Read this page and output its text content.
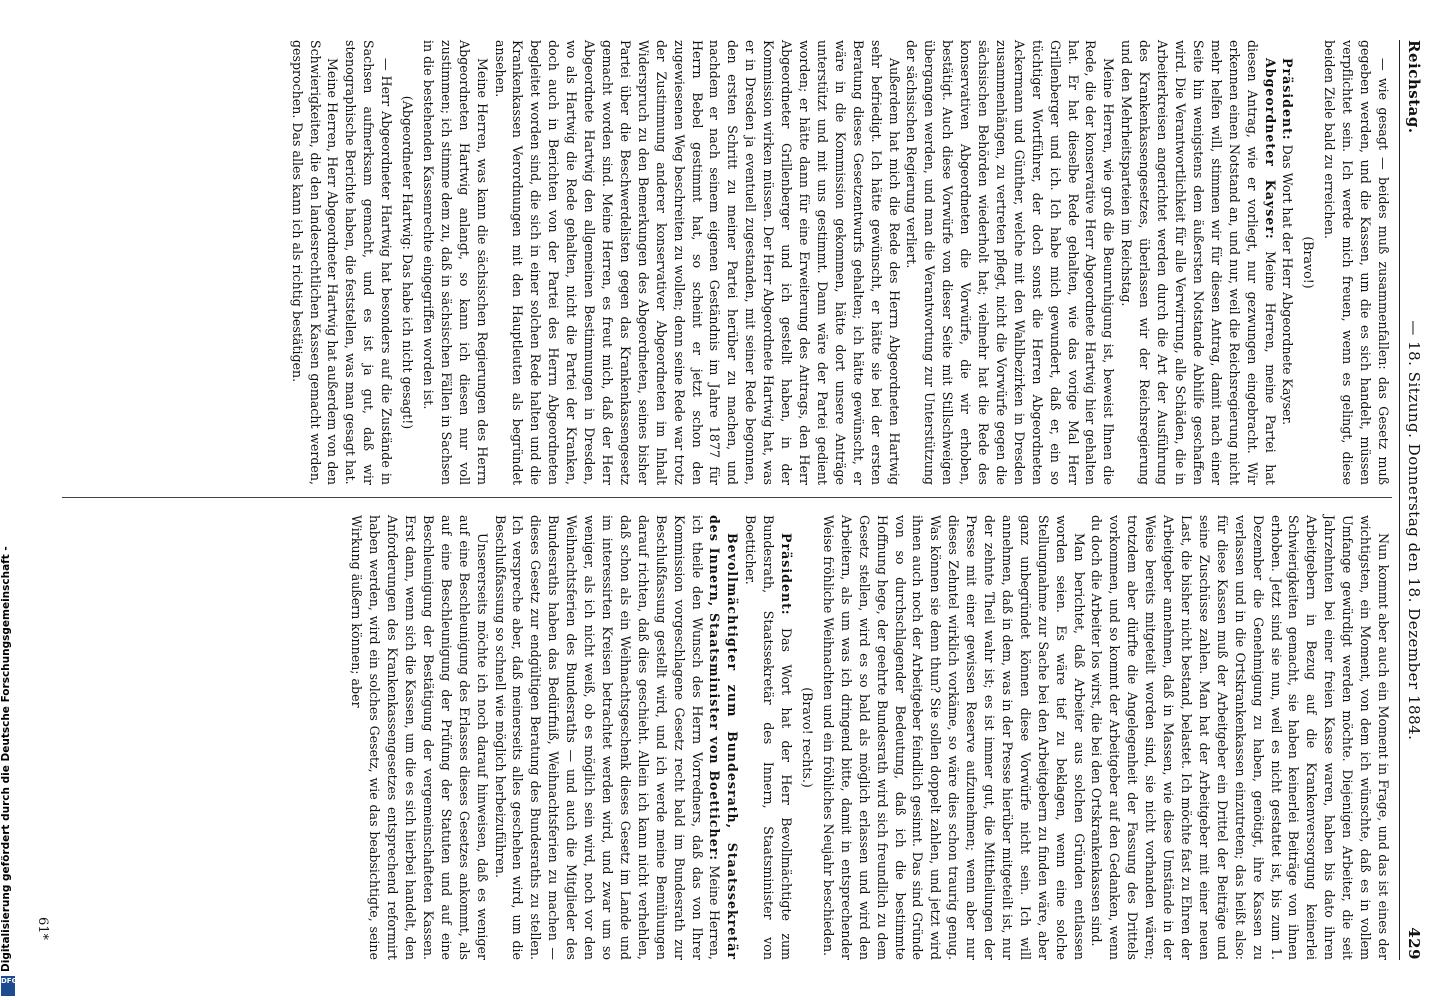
Digitalisierung gefördert durch die Deutsche Forschungsgemeinschaft -
DFG
Reichstag.
— 18. Sitzung. Donnerstag den 18. Dezember 1884.
429

— wie gesagt — beides muß zusammenfallen: das Gesetz muß gegeben werden, und die Kassen, um die es sich handelt, müssen verpflichtet sein. Ich werde mich freuen, wenn es gelingt, diese beiden Ziele bald zu erreichen.

(Bravo!)

Präsident: Das Wort hat der Herr Abgeordnete Kayser.

Abgeordneter Kayser: Meine Herren, meine Partei hat diesen Antrag, wie er vorliegt, nur gezwungen eingebracht. Wir erkennen einen Notstand an, und nur, weil die Reichsregierung nicht mehr helfen will, stimmen wir für diesen Antrag, damit nach einer Seite hin wenigstens dem äußersten Notstande Abhilfe geschaffen wird. Die Verantwortlichkeit für alle Verwirrung, alle Schäden, die in Arbeiterkreisen angerichtet werden durch die Art der Ausführung des Krankenkassengesetzes, überlassen wir der Reichsregierung und den Mehrheitsparteien im Reichstag.

Meine Herren, wie groß die Beunruhigung ist, beweist Ihnen die Rede, die der konservative Herr Abgeordnete Hartwig hier gehalten hat. Er hat dieselbe Rede gehalten, wie das vorige Mal Herr Grillenberger und ich. Ich habe mich gewundert, daß er, ein so tüchtiger Wortführer, der doch sonst die Herren Abgeordneten Ackermann und Günther, welche mit den Wahlbezirken in Dresden zusammenhängen, zu vertreten pflegt, nicht die Vorwürfe gegen die sächsischen Behörden wiederholt hat; vielmehr hat die Rede des konservativen Abgeordneten die Vorwürfe, die wir erhoben, bestätigt. Auch diese Vorwürfe von dieser Seite mit Stillschweigen übergangen werden, und man die Verantwortung zur Unterstützung der sächsischen Regierung verliert.

Außerdem hat mich die Rede des Herrn Abgeordneten Hartwig sehr befriedigt. Ich hätte gewünscht, er hätte sie bei der ersten Beratung dieses Gesetzentwurfs gehalten; ich hätte gewünscht, er wäre in die Kommission gekommen, hätte dort unsere Anträge unterstützt und mit uns gestimmt. Dann wäre der Partei gedient worden; er hätte dann für eine Erweiterung des Antrags, den Herr Abgeordneter Grillenberger und ich gestellt haben, in der Kommission wirken müssen. Der Herr Abgeordnete Hartwig hat, was er in Dresden ja eventuell zugestanden, mit seiner Rede begonnen, den ersten Schritt zu meiner Partei herüber zu machen, und nachdem er nach seinem eigenen Geständnis im Jahre 1877 für Herrn Bebel gestimmt hat, so scheint er jetzt schon den zugewiesenen Weg beschreiten zu wollen; denn seine Rede war trotz der Zustimmung anderer konservativer Abgeordneten im Inhalt Widerspruch zu den Bemerkungen des Abgeordneten, seines bisher Partei über die Beschwerdelisten gegen das Krankenkassengesetz gemacht worden sind. Meine Herren, es freut mich, daß der Herr Abgeordnete Hartwig den allgemeinen Bestimmungen in Dresden, wo als Hartwig die Rede gehalten, nicht die Partei der Kranken, doch auch in Berichten von der Partei des Herrn Abgeordneten begleitet worden sind, die sich in einer solchen Rede halten und die Krankenkassen Verordnungen mit den Hauptleuten als begründet ansehen.

Meine Herren, was kann die sächsischen Regierungen des Herrn Abgeordneten Hartwig anlangt, so kann ich diesen nur voll zustimmen; ich stimme dem zu, daß in sächsischen Fällen in Sachsen in die bestehenden Kassenrechte eingegriffen worden ist.

(Abgeordneter Hartwig: Das habe ich nicht gesagt!)

— Herr Abgeordneter Hartwig hat besonders auf die Zustände in Sachsen aufmerksam gemacht, und es ist ja gut, daß wir stenographische Berichte haben, die feststellen, was man gesagt hat.

Meine Herren, Herr Abgeordneter Hartwig hat außerdem von den Schwierigkeiten, die den landesrechtlichen Kassen gemacht werden, gesprochen. Das alles kann ich als richtig bestätigen.

Nun kommt aber auch ein Moment in Frage, und das ist eines der wichtigsten, ein Moment, von dem ich wünschte, daß es in vollem Umfange gewürdigt werden möchte. Diejenigen Arbeiter, die seit Jahrzehnten bei einer freien Kasse waren, haben bis dato ihren Arbeitgebern in Bezug auf die Krankenversorgung keinerlei Schwierigkeiten gemacht, sie haben keinerlei Beiträge von ihnen erhoben. Jetzt sind sie nun, weil es nicht gestattet ist, bis zum 1. Dezember die Genehmigung zu haben, genötigt, ihre Kassen zu verlassen und in die Ortskrankenkassen einzutreten; das heißt also: für diese Kassen muß der Arbeitgeber ein Drittel der Beiträge und seine Zuschüsse zahlen. Man hat der Arbeitgeber mit einer neuen Last, die bisher nicht bestand, belastet. Ich möchte fast zu Ehren der Arbeitgeber annehmen, daß in Massen, wie diese Umstände in der Weise bereits mitgeteilt worden sind, sie nicht vorhanden wären; trotzdem aber dürfte die Angelegenheit der Fassung des Drittels vorkommen, und so kommt der Arbeitgeber auf den Gedanken, wenn du doch die Arbeiter los wirst, die bei den Ortskrankenkassen sind.

Man berichtet, daß Arbeiter aus solchen Gründen entlassen worden seien. Es wäre tief zu beklagen, wenn eine solche Stellungnahme zur Sache bei den Arbeitgebern zu finden wäre, aber ganz unbegründet können diese Vorwürfe nicht sein. Ich will annehmen, daß in dem, was in der Presse hierüber mitgeteilt ist, nur der zehnte Theil wahr ist; es ist immer gut, die Mittheilungen der Presse mit einer gewissen Reserve aufzunehmen; wenn aber nur dieses Zehntel wirklich vorkäme, so wäre dies schon traurig genug. Was können sie denn thun? Sie sollen doppelt zahlen, und jetzt wird ihnen auch noch der Arbeitgeber feindlich gesinnt. Das sind Gründe von so durchschlagender Bedeutung, daß ich die bestimmte Hoffnung hege, der geehrte Bundesrath wird sich freundlich zu dem Gesetz stellen, wird es so bald als möglich erlassen und wird den Arbeitern, als um was ich dringend bitte, damit in entsprechender Weise fröhliche Weihnachten und ein fröhliches Neujahr beschieden.

(Bravo! rechts.)

Präsident: Das Wort hat der Herr Bevollmächtigte zum Bundesrath, Staatssekretär des Innern, Staatsminister von Boetticher.

Bevollmächtigter zum Bundesrath, Staatssekretär des Innern, Staatsminister von Boetticher: Meine Herren, ich theile den Wunsch des Herrn Vorredners, daß das von Ihrer Kommission vorgeschlagene Gesetz recht bald im Bundesrath zur Beschlußfassung gestellt wird, und ich werde meine Bemühungen darauf richten, daß dies geschieht. Allein ich kann nicht verhehlen, daß schon als ein Weihnachtsgeschenk dieses Gesetz im Lande und im interessirten Kreisen betrachtet werden wird, und zwar um so weniger, als ich nicht weiß, ob es möglich sein wird, noch vor den Weihnachtsferien des Bundesraths — und auch die Mitglieder des Bundesraths haben das Bedürfniß, Weihnachtsferien zu machen — dieses Gesetz zur endgültigen Beratung des Bundesraths zu stellen. Ich verspreche aber, daß meinerseits alles geschehen wird, um die Beschlußfassung so schnell wie möglich herbeizuführen.

Unsererseits möchte ich noch darauf hinweisen, daß es weniger auf eine Beschleunigung des Erlasses dieses Gesetzes ankommt, als auf eine Beschleunigung der Prüfung der Statuten und auf eine Beschleunigung der Bestätigung der vergemeinschafteten Kassen. Erst dann, wenn sich die Kassen, um die es sich hierbei handelt, den Anforderungen des Krankenkassengesetzes entsprechend reformirt haben werden, wird ein solches Gesetz, wie das beabsichtigte, seine Wirkung äußern können; aber

61*
